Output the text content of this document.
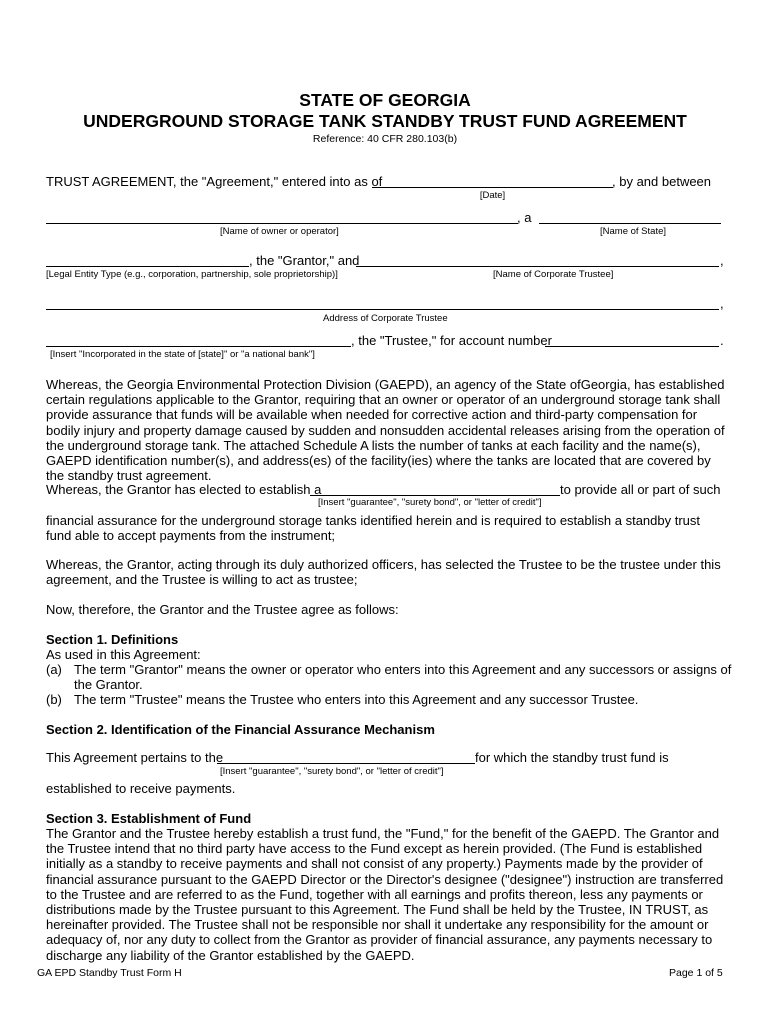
STATE OF GEORGIA
UNDERGROUND STORAGE TANK STANDBY TRUST FUND AGREEMENT
Reference: 40 CFR 280.103(b)
TRUST AGREEMENT, the "Agreement," entered into as of	, by and between
[Date]
, a
[Name of owner or operator]	[Name of State]
, the "Grantor," and	,
[Legal Entity Type (e.g., corporation, partnership, sole proprietorship)]	[Name of Corporate Trustee]
,
Address of Corporate Trustee
, the "Trustee," for account number	.
[Insert "Incorporated in the state of [state]" or "a national bank"]

Whereas, the Georgia Environmental Protection Division (GAEPD), an agency of the State ofGeorgia, has established certain regulations applicable to the Grantor, requiring that an owner or operator of an underground storage tank shall provide assurance that funds will be available when needed for corrective action and third-party compensation for bodily injury and property damage caused by sudden and nonsudden accidental releases arising from the operation of the underground storage tank. The attached Schedule A lists the number of tanks at each facility and the name(s), GAEPD identification number(s), and address(es) of the facility(ies) where the tanks are located that are covered by the standby trust agreement.

Whereas, the Grantor has elected to establish a	to provide all or part of such
[Insert "guarantee", "surety bond", or "letter of credit"]

financial assurance for the underground storage tanks identified herein and is required to establish a standby trust fund able to accept payments from the instrument;

Whereas, the Grantor, acting through its duly authorized officers, has selected the Trustee to be the trustee under this agreement, and the Trustee is willing to act as trustee;

Now, therefore, the Grantor and the Trustee agree as follows:

Section 1. Definitions
As used in this Agreement:
(a) The term "Grantor" means the owner or operator who enters into this Agreement and any successors or assigns of
the Grantor.
(b) The term "Trustee" means the Trustee who enters into this Agreement and any successor Trustee.
Section 2. Identification of the Financial Assurance Mechanism
This Agreement pertains to the	for which the standby trust fund is
[Insert "guarantee", "surety bond", or "letter of credit"]
established to receive payments.
Section 3. Establishment of Fund

The Grantor and the Trustee hereby establish a trust fund, the "Fund," for the benefit of the GAEPD. The Grantor and the Trustee intend that no third party have access to the Fund except as herein provided. (The Fund is established initially as a standby to receive payments and shall not consist of any property.) Payments made by the provider of financial assurance pursuant to the GAEPD Director or the Director's designee ("designee") instruction are transferred to the Trustee and are referred to as the Fund, together with all earnings and profits thereon, less any payments or distributions made by the Trustee pursuant to this Agreement. The Fund shall be held by the Trustee, IN TRUST, as hereinafter provided. The Trustee shall not be responsible nor shall it undertake any responsibility for the amount or adequacy of, nor any duty to collect from the Grantor as provider of financial assurance, any payments necessary to discharge any liability of the Grantor established by the GAEPD.

GA EPD Standby Trust Form H	Page 1 of 5
